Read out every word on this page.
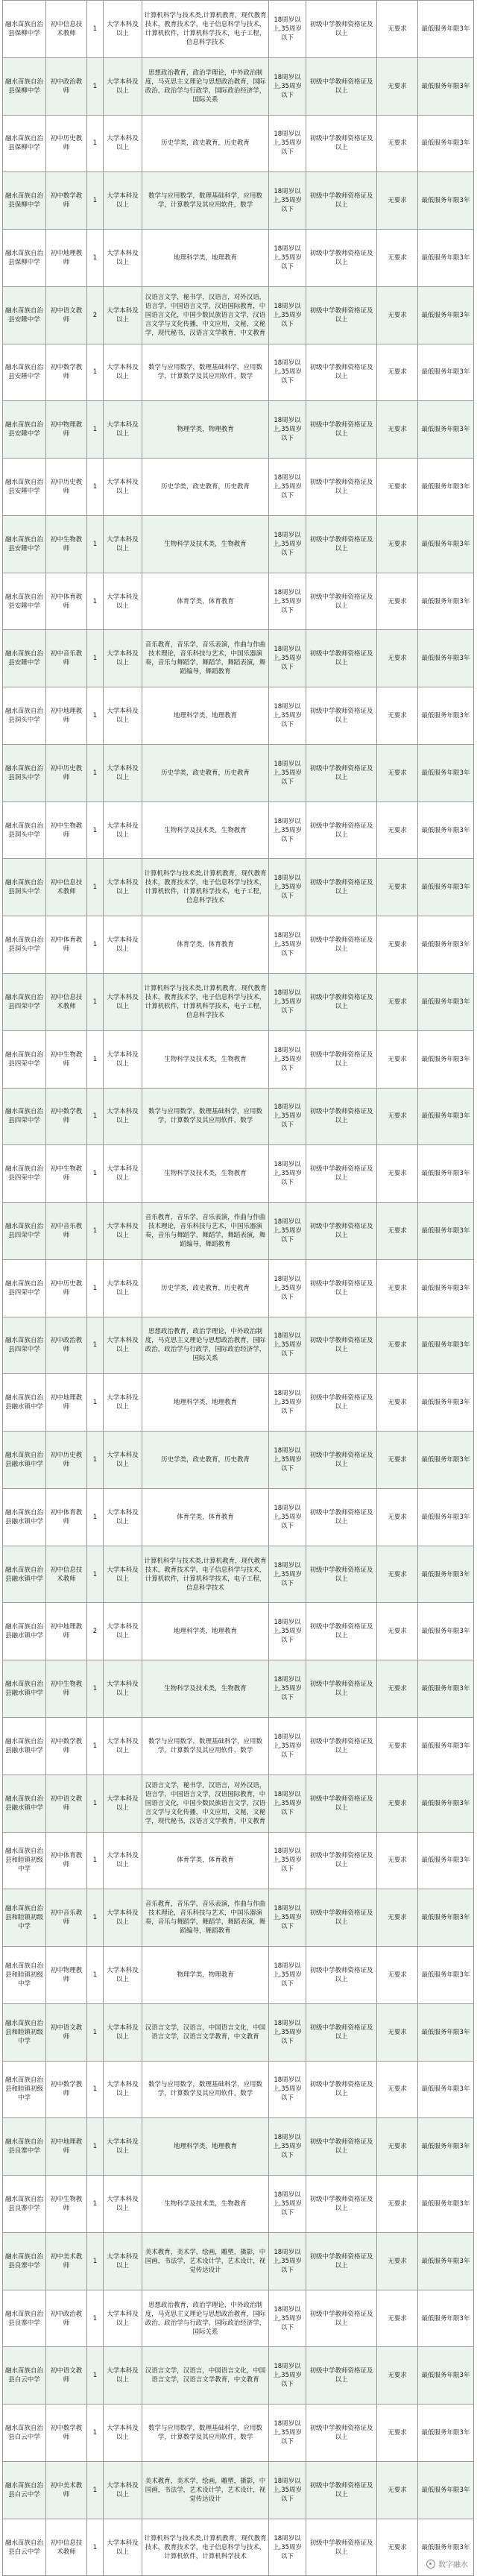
融水苗族自治县保柳中学	初中信息技术教师	1	大学本科及以上	计算机科学与技术类,计算机教育，现代教育技术，教育技术学，电子信息科学与技术，计算机软件，计算机科学技术，电子工程，信息科学技术	18周岁以上,35周岁以下	初级中学教师资格证及以上	无要求	最低服务年限3年
融水苗族自治县保柳中学	初中政治教师	1	大学本科及以上	思想政治教育，政治学理论，中外政治制度，马克思主义理论与思想政治教育，国际政治，政治学与行政学，国际政治经济学，国际关系	18周岁以上,35周岁以下	初级中学教师资格证及以上	无要求	最低服务年限3年
融水苗族自治县保柳中学	初中历史教师	1	大学本科及以上	历史学类，政史教育，历史教育	18周岁以上,35周岁以下	初级中学教师资格证及以上	无要求	最低服务年限3年
融水苗族自治县保柳中学	初中数学教师	1	大学本科及以上	数学与应用数学，数理基础科学，应用数学，计算数学及其应用软件，数学	18周岁以上,35周岁以下	初级中学教师资格证及以上	无要求	最低服务年限3年
融水苗族自治县保柳中学	初中地理教师	1	大学本科及以上	地理科学类，地理教育	18周岁以上,35周岁以下	初级中学教师资格证及以上	无要求	最低服务年限3年
融水苗族自治县安陲中学	初中语文教师	2	大学本科及以上	汉语言文学，秘书学，汉语言，对外汉语，语言学，中国语言文学，汉语国际教育，中国语言文化，中国少数民族语言文学，汉语言文学与文化传播，中文应用，文秘，文秘学，现代秘书，汉语言文学教育，中文教育	18周岁以上,35周岁以下	初级中学教师资格证及以上	无要求	最低服务年限3年
融水苗族自治县安陲中学	初中数学教师	1	大学本科及以上	数学与应用数学，数理基础科学，应用数学，计算数学及其应用软件，数学	18周岁以上,35周岁以下	初级中学教师资格证及以上	无要求	最低服务年限3年
融水苗族自治县安陲中学	初中物理教师	1	大学本科及以上	物理学类，物理教育	18周岁以上,35周岁以下	初级中学教师资格证及以上	无要求	最低服务年限3年
融水苗族自治县安陲中学	初中历史教师	1	大学本科及以上	历史学类，政史教育，历史教育	18周岁以上,35周岁以下	初级中学教师资格证及以上	无要求	最低服务年限3年
融水苗族自治县安陲中学	初中生物教师	1	大学本科及以上	生物科学及技术类，生物教育	18周岁以上,35周岁以下	初级中学教师资格证及以上	无要求	最低服务年限3年
融水苗族自治县安陲中学	初中体育教师	1	大学本科及以上	体育学类，体育教育	18周岁以上,35周岁以下	初级中学教师资格证及以上	无要求	最低服务年限3年
融水苗族自治县安陲中学	初中音乐教师	1	大学本科及以上	音乐教育，音乐学，音乐表演，作曲与作曲技术理论，音乐科技与艺术，中国乐器演奏，音乐与舞蹈学，舞蹈学，舞蹈表演，舞蹈编导，舞蹈教育	18周岁以上,35周岁以下	初级中学教师资格证及以上	无要求	最低服务年限3年
融水苗族自治县洞头中学	初中地理教师	1	大学本科及以上	地理科学类，地理教育	18周岁以上,35周岁以下	初级中学教师资格证及以上	无要求	最低服务年限3年
融水苗族自治县洞头中学	初中历史教师	1	大学本科及以上	历史学类，政史教育，历史教育	18周岁以上,35周岁以下	初级中学教师资格证及以上	无要求	最低服务年限3年
融水苗族自治县洞头中学	初中生物教师	1	大学本科及以上	生物科学及技术类，生物教育	18周岁以上,35周岁以下	初级中学教师资格证及以上	无要求	最低服务年限3年
融水苗族自治县洞头中学	初中信息技术教师	1	大学本科及以上	计算机科学与技术类,计算机教育，现代教育技术，教育技术学，电子信息科学与技术，计算机软件，计算机科学技术，电子工程，信息科学技术	18周岁以上,35周岁以下	初级中学教师资格证及以上	无要求	最低服务年限3年
融水苗族自治县洞头中学	初中体育教师	1	大学本科及以上	体育学类，体育教育	18周岁以上,35周岁以下	初级中学教师资格证及以上	无要求	最低服务年限3年
融水苗族自治县四荣中学	初中信息技术教师	1	大学本科及以上	计算机科学与技术类,计算机教育，现代教育技术，教育技术学，电子信息科学与技术，计算机软件，计算机科学技术，电子工程，信息科学技术	18周岁以上,35周岁以下	初级中学教师资格证及以上	无要求	最低服务年限3年
融水苗族自治县四荣中学	初中生物教师	1	大学本科及以上	生物科学及技术类，生物教育	18周岁以上,35周岁以下	初级中学教师资格证及以上	无要求	最低服务年限3年
融水苗族自治县四荣中学	初中数学教师	1	大学本科及以上	数学与应用数学，数理基础科学，应用数学，计算数学及其应用软件，数学	18周岁以上,35周岁以下	初级中学教师资格证及以上	无要求	最低服务年限3年
融水苗族自治县四荣中学	初中生物教师	1	大学本科及以上	生物科学及技术类，生物教育	18周岁以上,35周岁以下	初级中学教师资格证及以上	无要求	最低服务年限3年
融水苗族自治县四荣中学	初中音乐教师	1	大学本科及以上	音乐教育，音乐学，音乐表演，作曲与作曲技术理论，音乐科技与艺术，中国乐器演奏，音乐与舞蹈学，舞蹈学，舞蹈表演，舞蹈编导，舞蹈教育	18周岁以上,35周岁以下	初级中学教师资格证及以上	无要求	最低服务年限3年
融水苗族自治县四荣中学	初中历史教师	1	大学本科及以上	历史学类，政史教育，历史教育	18周岁以上,35周岁以下	初级中学教师资格证及以上	无要求	最低服务年限3年
融水苗族自治县四荣中学	初中政治教师	1	大学本科及以上	思想政治教育，政治学理论，中外政治制度，马克思主义理论与思想政治教育，国际政治，政治学与行政学，国际政治经济学，国际关系	18周岁以上,35周岁以下	初级中学教师资格证及以上	无要求	最低服务年限3年
融水苗族自治县融水镇中学	初中地理教师	1	大学本科及以上	地理科学类，地理教育	18周岁以上,35周岁以下	初级中学教师资格证及以上	无要求	最低服务年限3年
融水苗族自治县融水镇中学	初中历史教师	1	大学本科及以上	历史学类，政史教育，历史教育	18周岁以上,35周岁以下	初级中学教师资格证及以上	无要求	最低服务年限3年
融水苗族自治县融水镇中学	初中体育教师	1	大学本科及以上	体育学类，体育教育	18周岁以上,35周岁以下	初级中学教师资格证及以上	无要求	最低服务年限3年
融水苗族自治县融水镇中学	初中信息技术教师	1	大学本科及以上	计算机科学与技术类,计算机教育，现代教育技术，教育技术学，电子信息科学与技术，计算机软件，计算机科学技术，电子工程，信息科学技术	18周岁以上,35周岁以下	初级中学教师资格证及以上	无要求	最低服务年限3年
融水苗族自治县融水镇中学	初中地理教师	2	大学本科及以上	地理科学类，地理教育	18周岁以上,35周岁以下	初级中学教师资格证及以上	无要求	最低服务年限3年
融水苗族自治县融水镇中学	初中生物教师	1	大学本科及以上	生物科学及技术类，生物教育	18周岁以上,35周岁以下	初级中学教师资格证及以上	无要求	最低服务年限3年
融水苗族自治县融水镇中学	初中数学教师	1	大学本科及以上	数学与应用数学，数理基础科学，应用数学，计算数学及其应用软件，数学	18周岁以上,35周岁以下	初级中学教师资格证及以上	无要求	最低服务年限3年
融水苗族自治县融水镇中学	初中语文教师	1	大学本科及以上	汉语言文学，秘书学，汉语言，对外汉语，语言学，中国语言文学，汉语国际教育，中国语言文化，中国少数民族语言文学，汉语言文学与文化传播，中文应用，文秘，文秘学，现代秘书，汉语言文学教育，中文教育	18周岁以上,35周岁以下	初级中学教师资格证及以上	无要求	最低服务年限3年
融水苗族自治县和睦镇初级中学	初中体育教师	1	大学本科及以上	体育学类，体育教育	18周岁以上,35周岁以下	初级中学教师资格证及以上	无要求	最低服务年限3年
融水苗族自治县和睦镇初级中学	初中音乐教师	1	大学本科及以上	音乐教育，音乐学，音乐表演，作曲与作曲技术理论，音乐科技与艺术，中国乐器演奏，音乐与舞蹈学，舞蹈学，舞蹈表演，舞蹈编导，舞蹈教育	18周岁以上,35周岁以下	初级中学教师资格证及以上	无要求	最低服务年限3年
融水苗族自治县和睦镇初级中学	初中物理教师	1	大学本科及以上	物理学类，物理教育	18周岁以上,35周岁以下	初级中学教师资格证及以上	无要求	最低服务年限3年
融水苗族自治县和睦镇初级中学	初中语文教师	1	大学本科及以上	汉语言文学，汉语言，中国语言文化，中国语言文学，汉语言文学教育，中文教育	18周岁以上,35周岁以下	初级中学教师资格证及以上	无要求	最低服务年限3年
融水苗族自治县和睦镇初级中学	初中数学教师	1	大学本科及以上	数学与应用数学，数理基础科学，应用数学，计算数学及其应用软件，数学	18周岁以上,35周岁以下	初级中学教师资格证及以上	无要求	最低服务年限3年
融水苗族自治县良寨中学	初中地理教师	1	大学本科及以上	地理科学类，地理教育	18周岁以上,35周岁以下	初级中学教师资格证及以上	无要求	最低服务年限3年
融水苗族自治县良寨中学	初中生物教师	1	大学本科及以上	生物科学及技术类，生物教育	18周岁以上,35周岁以下	初级中学教师资格证及以上	无要求	最低服务年限3年
融水苗族自治县良寨中学	初中美术教师	1	大学本科及以上	美术教育，美术学，绘画，雕塑，摄影，中国画，书法学，艺术设计学，艺术设计，视觉传达设计	18周岁以上,35周岁以下	初级中学教师资格证及以上	无要求	最低服务年限3年
融水苗族自治县良寨中学	初中政治教师	1	大学本科及以上	思想政治教育，政治学理论，中外政治制度，马克思主义理论与思想政治教育，国际政治，政治学与行政学，国际政治经济学，国际关系	18周岁以上,35周岁以下	初级中学教师资格证及以上	无要求	最低服务年限3年
融水苗族自治县白云中学	初中语文教师	1	大学本科及以上	汉语言文学，汉语言，中国语言文化，中国语言文学，汉语言文学教育，中文教育	18周岁以上,35周岁以下	初级中学教师资格证及以上	无要求	最低服务年限3年
融水苗族自治县白云中学	初中数学教师	1	大学本科及以上	数学与应用数学，数理基础科学，应用数学，计算数学及其应用软件，数学	18周岁以上,35周岁以下	初级中学教师资格证及以上	无要求	最低服务年限3年
融水苗族自治县白云中学	初中美术教师	1	大学本科及以上	美术教育，美术学，绘画，雕塑，摄影，中国画，书法学，艺术设计学，艺术设计，视觉传达设计	18周岁以上,35周岁以下	初级中学教师资格证及以上	无要求	最低服务年限3年
融水苗族自治县白云中学	初中信息技术教师	1	大学本科及以上	计算机科学与技术类,计算机教育，现代教育技术，教育技术学，电子信息科学与技术，计算机软件，计算机科学技术	18周岁以上,35周岁以下	初级中学教师资格证及以上	无要求	最低服务年限3年
数字融水
